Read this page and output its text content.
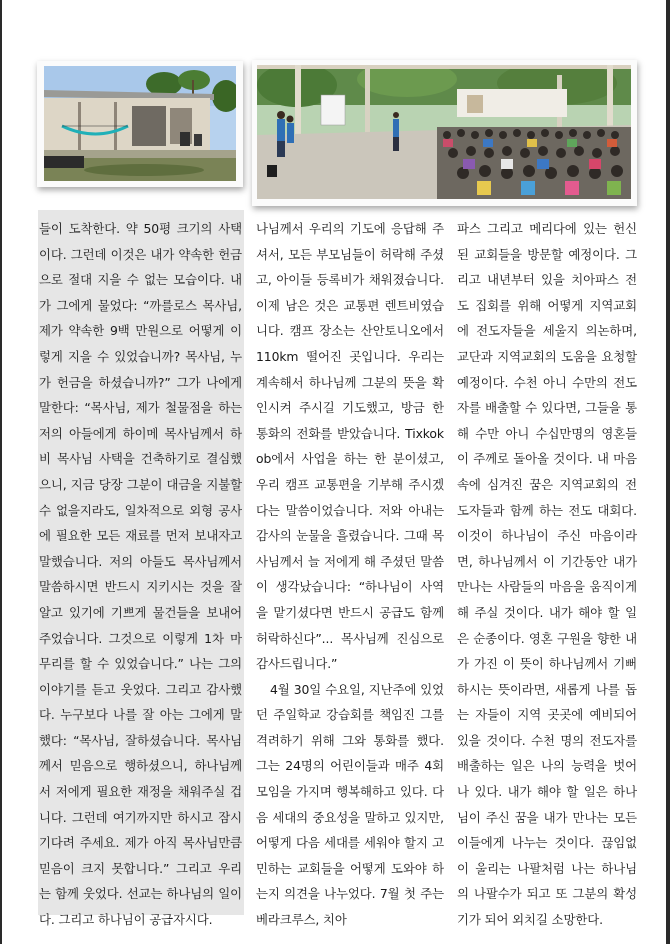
들이 도착한다. 약 50평 크기의 사택이다. 그런데 이것은 내가 약속한 헌금으로 절대 지을 수 없는 모습이다. 내가 그에게 물었다: “까를로스 목사님, 제가 약속한 9백 만원으로 어떻게 이렇게 지을 수 있었습니까? 목사님, 누가 헌금을 하셨습니까?” 그가 나에게 말한다: “목사님, 제가 철물점을 하는 저의 아들에게 하이메 목사님께서 하비 목사님 사택을 건축하기로 결심했으니, 지금 당장 그분이 대금을 지불할 수 없을지라도, 일차적으로 외형 공사에 필요한 모든 재료를 먼저 보내자고 말했습니다. 저의 아들도 목사님께서 말씀하시면 반드시 지키시는 것을 잘 알고 있기에 기쁘게 물건들을 보내어 주었습니다. 그것으로 이렇게 1차 마무리를 할 수 있었습니다.” 나는 그의 이야기를 듣고 웃었다. 그리고 감사했다. 누구보다 나를 잘 아는 그에게 말했다: “목사님, 잘하셨습니다. 목사님께서 믿음으로 행하셨으니, 하나님께서 저에게 필요한 재정을 채워주실 겁니다. 그런데 여기까지만 하시고 잠시 기다려 주세요. 제가 아직 목사님만큼 믿음이 크지 못합니다.” 그리고 우리는 함께 웃었다. 선교는 하나님의 일이다. 그리고 하나님이 공급자시다.

나님께서 우리의 기도에 응답해 주셔서, 모든 부모님들이 허락해 주셨고, 아이들 등록비가 채워졌습니다. 이제 남은 것은 교통편 렌트비였습니다. 캠프 장소는 산안토니오에서 110km 떨어진 곳입니다. 우리는 계속해서 하나님께 그분의 뜻을 확인시켜 주시길 기도했고, 방금 한 통화의 전화를 받았습니다. Tixkokob에서 사업을 하는 한 분이셨고, 우리 캠프 교통편을 기부해 주시겠다는 말씀이었습니다. 저와 아내는 감사의 눈물을 흘렸습니다. 그때 목사님께서 늘 저에게 해 주셨던 말씀이 생각났습니다: “하나님이 사역을 맡기셨다면 반드시 공급도 함께 허락하신다”... 목사님께 진심으로 감사드립니다.”

4월 30일 수요일, 지난주에 있었던 주일학교 강습회를 책임진 그를 격려하기 위해 그와 통화를 했다. 그는 24명의 어린이들과 매주 4회 모임을 가지며 행복해하고 있다. 다음 세대의 중요성을 말하고 있지만, 어떻게 다음 세대를 세워야 할지 고민하는 교회들을 어떻게 도와야 하는지 의견을 나누었다. 7월 첫 주는 베라크루스, 치아

파스 그리고 메리다에 있는 헌신된 교회들을 방문할 예정이다. 그리고 내년부터 있을 치아파스 전도 집회를 위해 어떻게 지역교회에 전도자들을 세울지 의논하며, 교단과 지역교회의 도움을 요청할 예정이다. 수천 아니 수만의 전도자를 배출할 수 있다면, 그들을 통해 수만 아니 수십만명의 영혼들이 주께로 돌아올 것이다. 내 마음속에 심겨진 꿈은 지역교회의 전도자들과 함께 하는 전도 대회다. 이것이 하나님이 주신 마음이라면, 하나님께서 이 기간동안 내가 만나는 사람들의 마음을 움직이게 해 주실 것이다. 내가 해야 할 일은 순종이다. 영혼 구원을 향한 내가 가진 이 뜻이 하나님께서 기뻐하시는 뜻이라면, 새롭게 나를 돕는 자들이 지역 곳곳에 예비되어 있을 것이다. 수천 명의 전도자를 배출하는 일은 나의 능력을 벗어나 있다. 내가 해야 할 일은 하나님이 주신 꿈을 내가 만나는 모든 이들에게 나누는 것이다. 끊임없이 울리는 나팔처럼 나는 하나님의 나팔수가 되고 또 그분의 확성기가 되어 외치길 소망한다.
